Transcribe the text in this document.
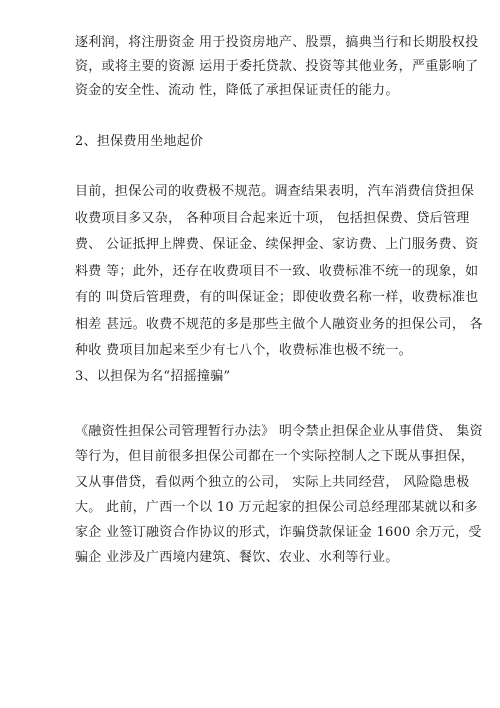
逐利润，将注册资金 用于投资房地产、股票，搞典当行和长期股权投
资，或将主要的资源 运用于委托贷款、投资等其他业务，严重影响了
资金的安全性、流动 性，降低了承担保证责任的能力。
2、担保费用坐地起价
目前，担保公司的收费极不规范。调查结果表明，汽车消费信贷担保
收费项目多又杂， 各种项目合起来近十项， 包括担保费、贷后管理
费、 公证抵押上牌费、保证金、续保押金、家访费、上门服务费、资
料费 等；此外，还存在收费项目不一致、收费标准不统一的现象，如
有的 叫贷后管理费，有的叫保证金；即使收费名称一样，收费标准也
相差 甚远。收费不规范的多是那些主做个人融资业务的担保公司， 各
种收 费项目加起来至少有七八个，收费标准也极不统一。
3、以担保为名“招摇撞骗”
《融资性担保公司管理暂行办法》 明令禁止担保企业从事借贷、 集资
等行为，但目前很多担保公司都在一个实际控制人之下既从事担保，
又从事借贷，看似两个独立的公司， 实际上共同经营， 风险隐患极
大。 此前，广西一个以 10 万元起家的担保公司总经理邵某就以和多
家企 业签订融资合作协议的形式，诈骗贷款保证金 1600 余万元，受
骗企 业涉及广西境内建筑、餐饮、农业、水利等行业。
